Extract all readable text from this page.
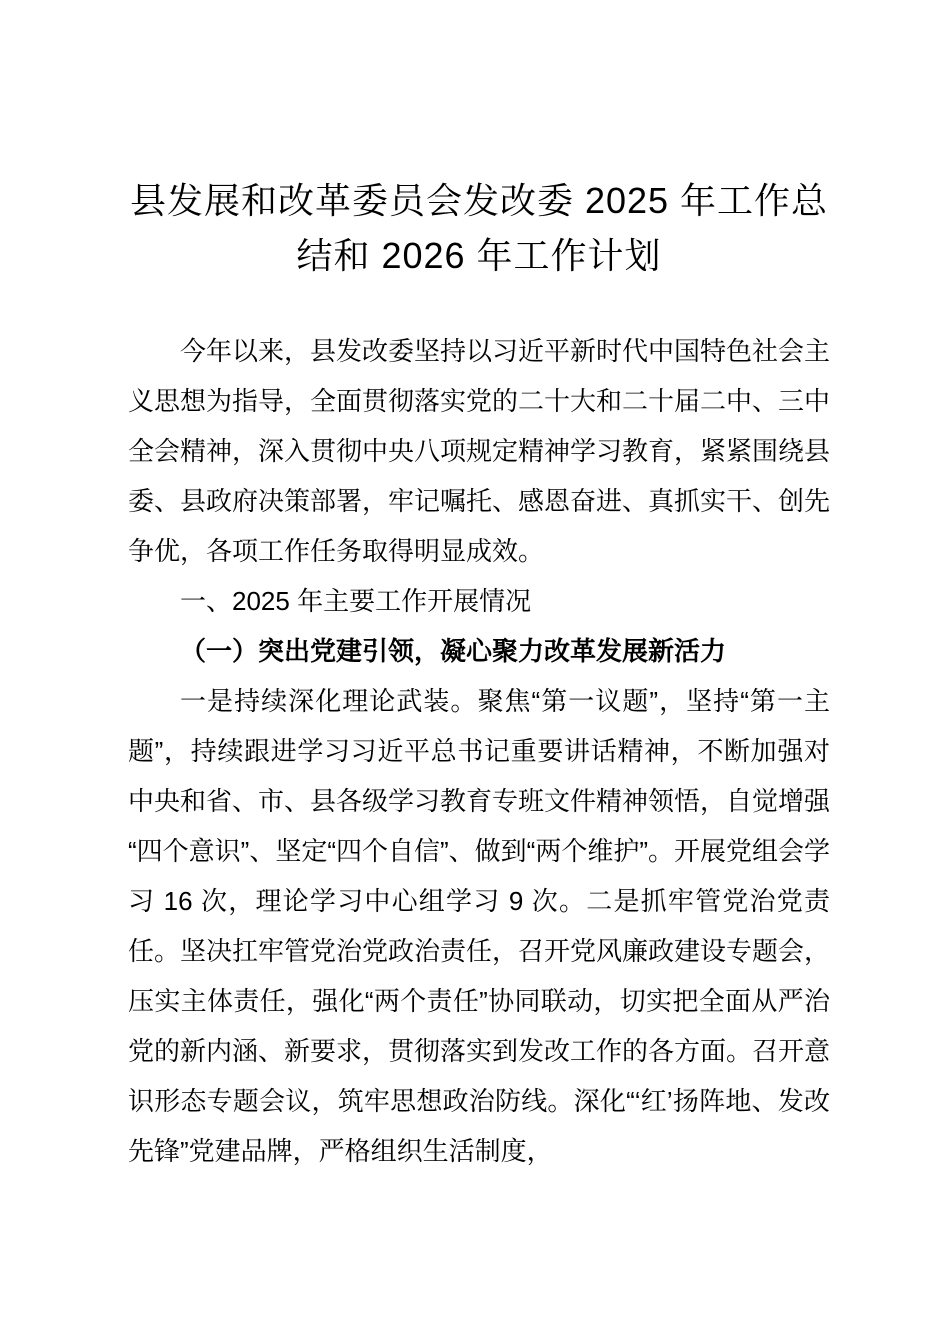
县发展和改革委员会发改委 2025 年工作总结和 2026 年工作计划

今年以来，县发改委坚持以习近平新时代中国特色社会主义思想为指导，全面贯彻落实党的二十大和二十届二中、三中全会精神，深入贯彻中央八项规定精神学习教育，紧紧围绕县委、县政府决策部署，牢记嘱托、感恩奋进、真抓实干、创先争优，各项工作任务取得明显成效。

一、2025 年主要工作开展情况

（一）突出党建引领，凝心聚力改革发展新活力

一是持续深化理论武装。聚焦“第一议题”，坚持“第一主题”，持续跟进学习习近平总书记重要讲话精神，不断加强对中央和省、市、县各级学习教育专班文件精神领悟，自觉增强“四个意识”、坚定“四个自信”、做到“两个维护”。开展党组会学习 16 次，理论学习中心组学习 9 次。二是抓牢管党治党责任。坚决扛牢管党治党政治责任，召开党风廉政建设专题会，压实主体责任，强化“两个责任”协同联动，切实把全面从严治党的新内涵、新要求，贯彻落实到发改工作的各方面。召开意识形态专题会议，筑牢思想政治防线。深化“‘红’扬阵地、发改先锋”党建品牌，严格组织生活制度，
